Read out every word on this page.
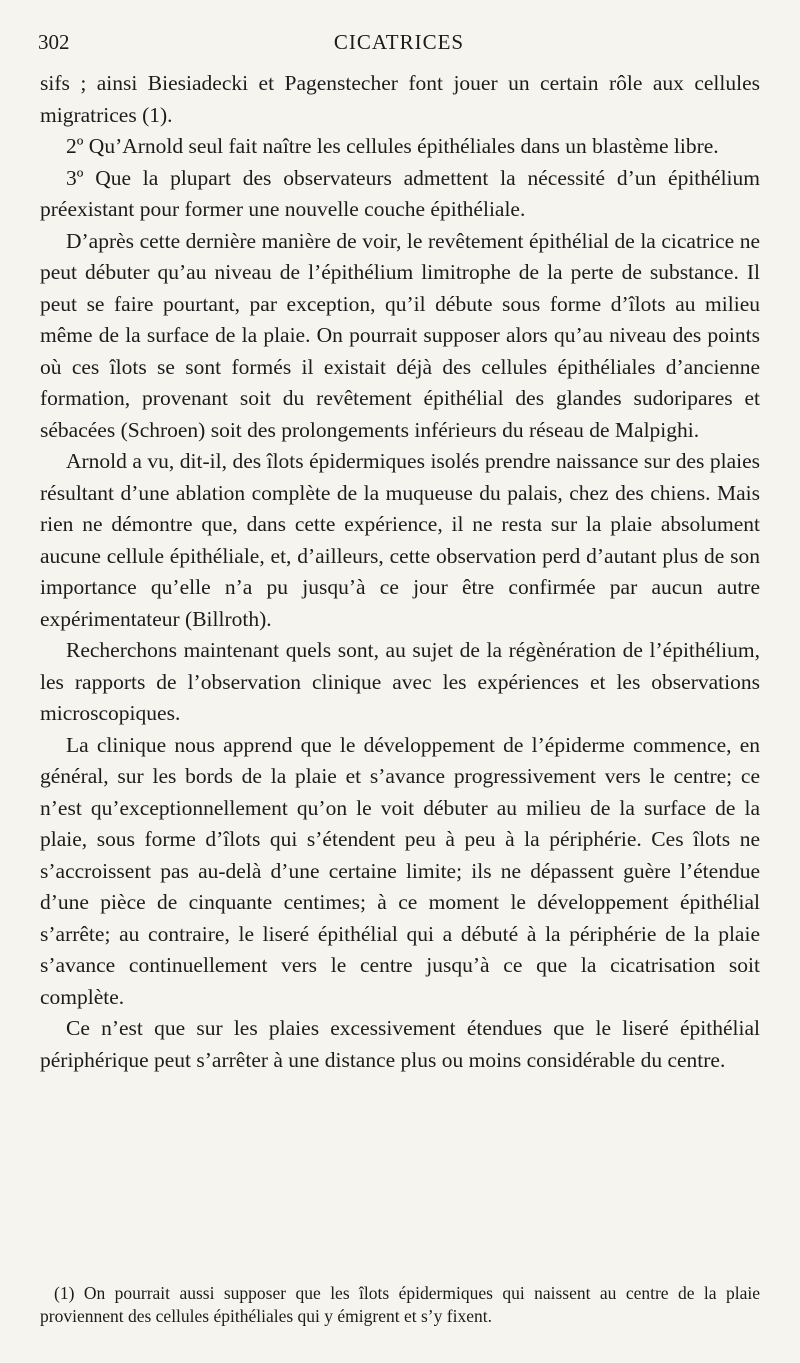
302	CICATRICES

sifs ; ainsi Biesiadecki et Pagenstecher font jouer un certain rôle aux cellules migratrices (1).

2º Qu’Arnold seul fait naître les cellules épithéliales dans un blastème libre.

3º Que la plupart des observateurs admettent la nécessité d’un épithélium préexistant pour former une nouvelle couche épithéliale.

D’après cette dernière manière de voir, le revêtement épithélial de la cicatrice ne peut débuter qu’au niveau de l’épithélium limitrophe de la perte de substance. Il peut se faire pourtant, par exception, qu’il débute sous forme d’îlots au milieu même de la surface de la plaie. On pourrait supposer alors qu’au niveau des points où ces îlots se sont formés il existait déjà des cellules épithéliales d’ancienne formation, provenant soit du revêtement épithélial des glandes sudoripares et sébacées (Schroen) soit des prolongements inférieurs du réseau de Malpighi.

Arnold a vu, dit-il, des îlots épidermiques isolés prendre naissance sur des plaies résultant d’une ablation complète de la muqueuse du palais, chez des chiens. Mais rien ne démontre que, dans cette expérience, il ne resta sur la plaie absolument aucune cellule épithéliale, et, d’ailleurs, cette observation perd d’autant plus de son importance qu’elle n’a pu jusqu’à ce jour être confirmée par aucun autre expérimentateur (Billroth).

Recherchons maintenant quels sont, au sujet de la régènération de l’épithélium, les rapports de l’observation clinique avec les expériences et les observations microscopiques.

La clinique nous apprend que le développement de l’épiderme commence, en général, sur les bords de la plaie et s’avance progressivement vers le centre; ce n’est qu’exceptionnellement qu’on le voit débuter au milieu de la surface de la plaie, sous forme d’îlots qui s’étendent peu à peu à la périphérie. Ces îlots ne s’accroissent pas au-delà d’une certaine limite; ils ne dépassent guère l’étendue d’une pièce de cinquante centimes; à ce moment le développement épithélial s’arrête; au contraire, le liseré épithélial qui a débuté à la périphérie de la plaie s’avance continuellement vers le centre jusqu’à ce que la cicatrisation soit complète.

Ce n’est que sur les plaies excessivement étendues que le liseré épithélial périphérique peut s’arrêter à une distance plus ou moins considérable du centre.

(1) On pourrait aussi supposer que les îlots épidermiques qui naissent au centre de la plaie proviennent des cellules épithéliales qui y émigrent et s’y fixent.
